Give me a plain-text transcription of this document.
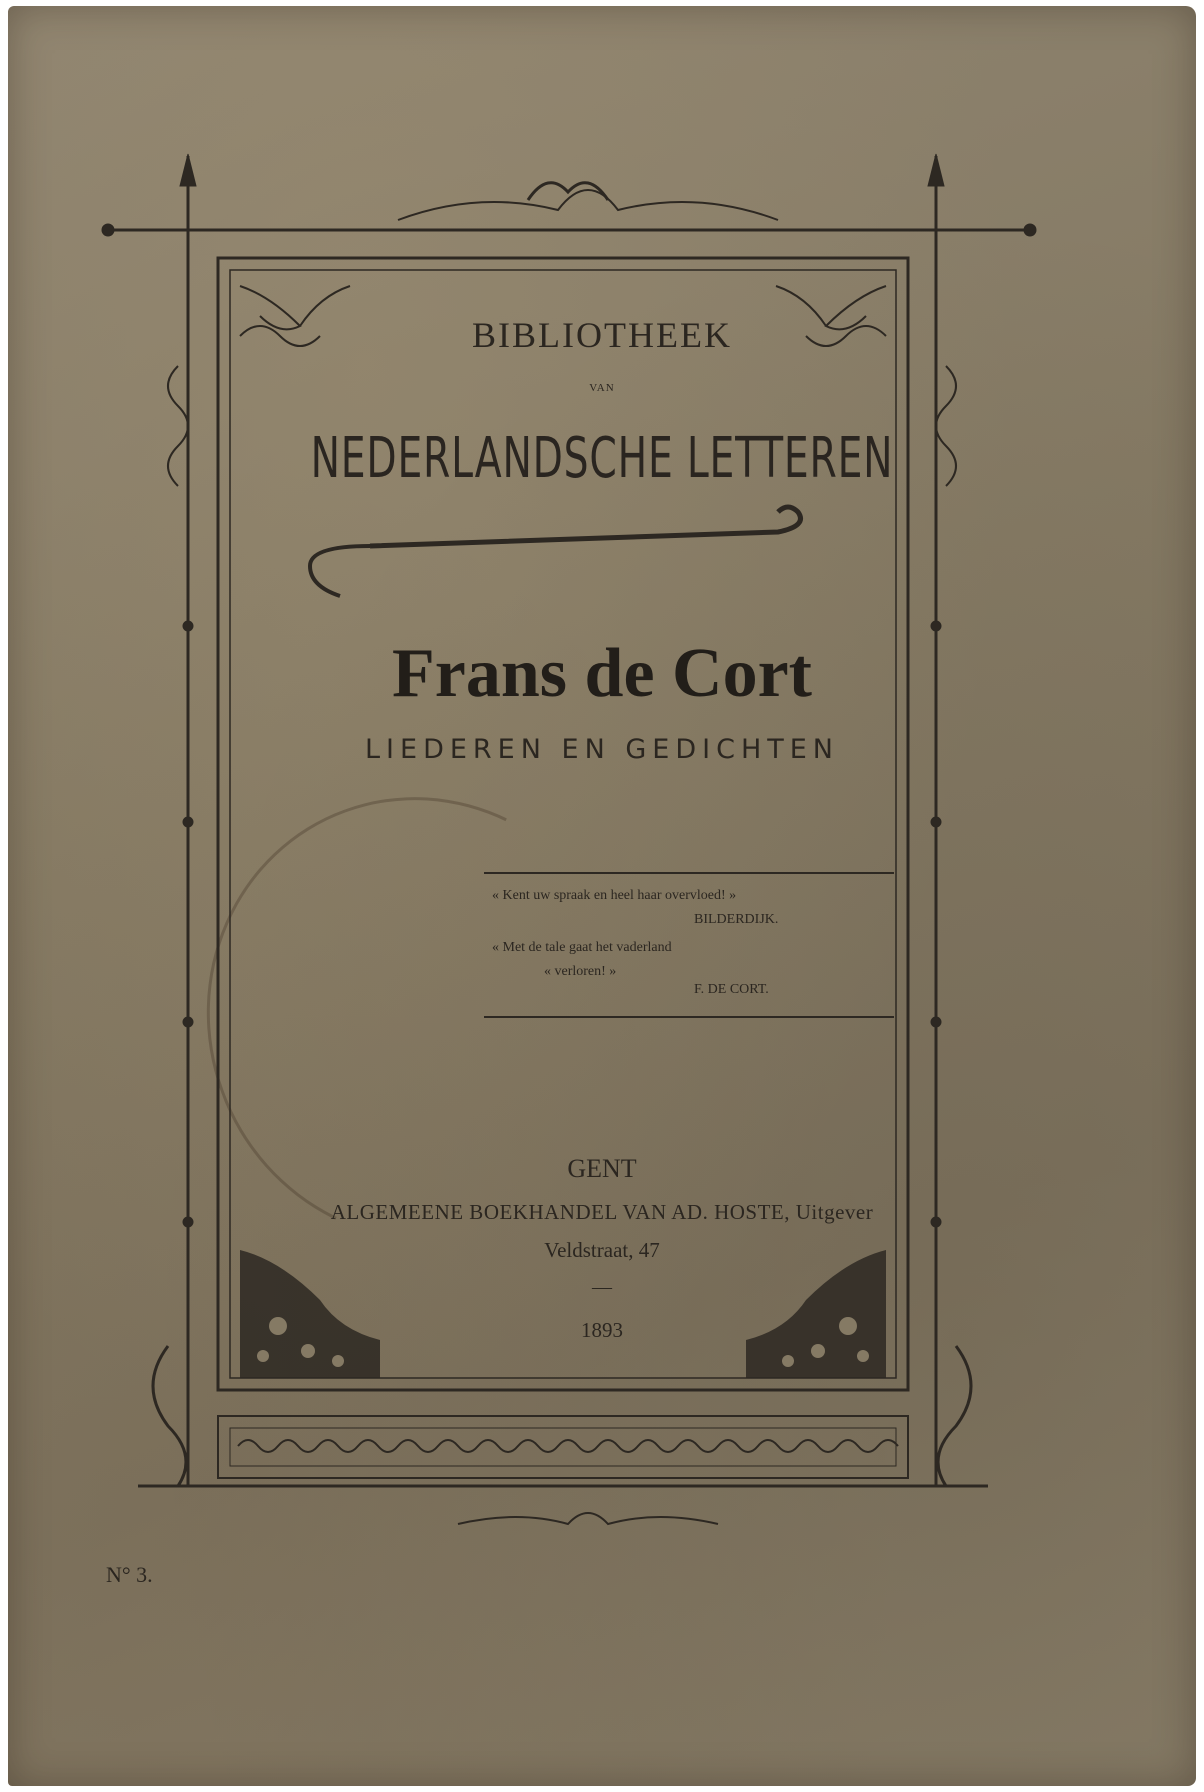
BIBLIOTHEEK
VAN
NEDERLANDSCHE LETTEREN
Frans de Cort
LIEDEREN EN GEDICHTEN
« Kent uw spraak en heel haar overvloed! »
BILDERDIJK.
« Met de tale gaat het vaderland
« verloren! »
F. DE CORT.
GENT
ALGEMEENE BOEKHANDEL VAN AD. HOSTE, Uitgever
Veldstraat, 47
—
1893
N° 3.
